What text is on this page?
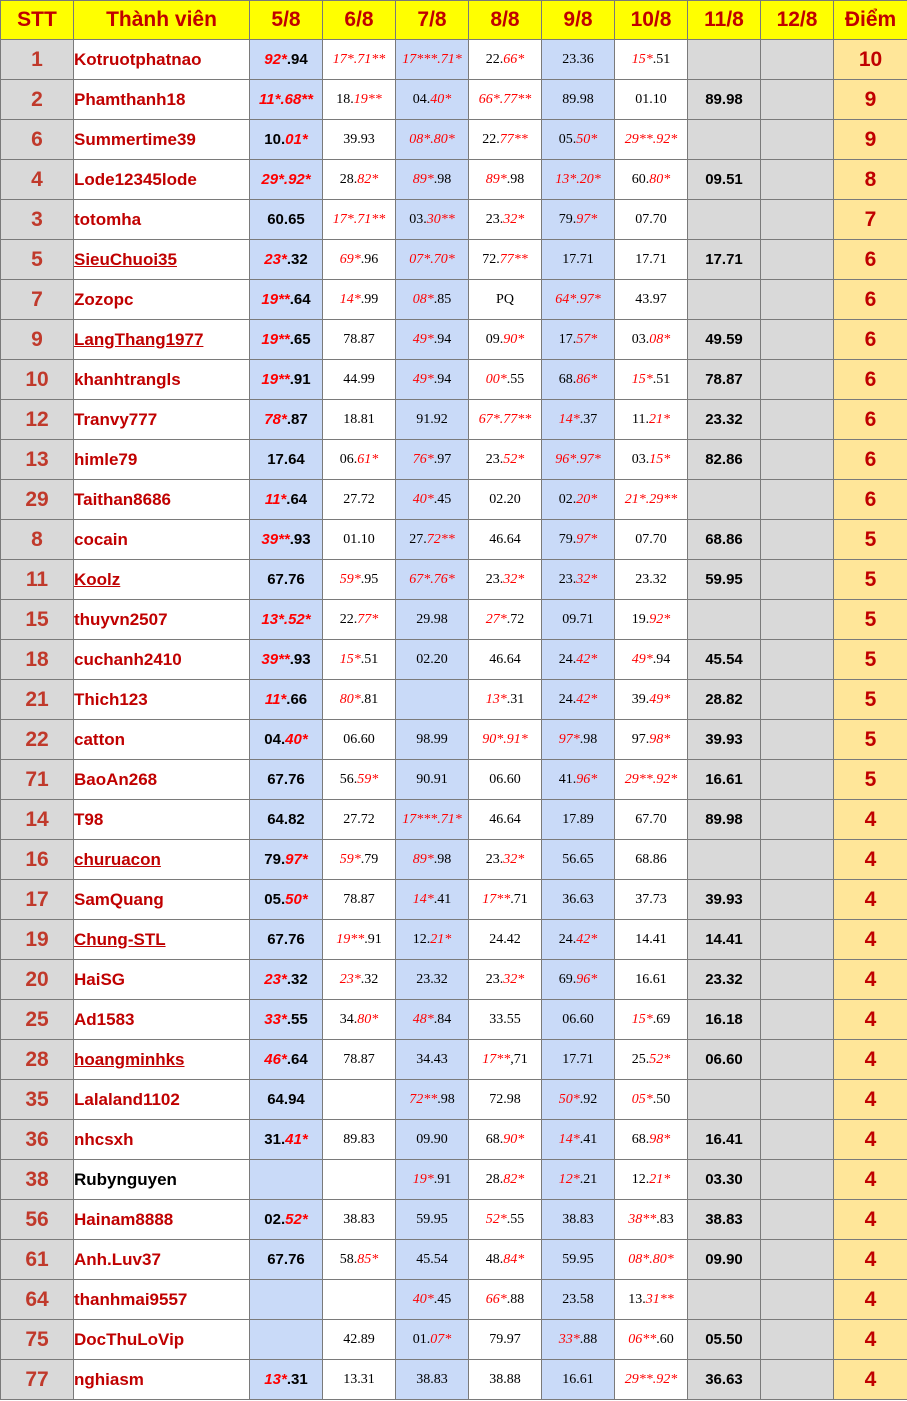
STT	Thành viên	5/8	6/8	7/8	8/8	9/8	10/8	11/8	12/8	Điểm
1	Kotruotphatnao	92*.94	17*.71**	17***.71*	22.66*	23.36	15*.51			10
2	Phamthanh18	11*.68**	18.19**	04.40*	66*.77**	89.98	01.10	89.98		9
6	Summertime39	10.01*	39.93	08*.80*	22.77**	05.50*	29**.92*			9
4	Lode12345lode	29*.92*	28.82*	89*.98	89*.98	13*.20*	60.80*	09.51		8
3	totomha	60.65	17*.71**	03.30**	23.32*	79.97*	07.70			7
5	SieuChuoi35	23*.32	69*.96	07*.70*	72.77**	17.71	17.71	17.71		6
7	Zozopc	19**.64	14*.99	08*.85	PQ	64*.97*	43.97			6
9	LangThang1977	19**.65	78.87	49*.94	09.90*	17.57*	03.08*	49.59		6
10	khanhtrangls	19**.91	44.99	49*.94	00*.55	68.86*	15*.51	78.87		6
12	Tranvy777	78*.87	18.81	91.92	67*.77**	14*.37	11.21*	23.32		6
13	himle79	17.64	06.61*	76*.97	23.52*	96*.97*	03.15*	82.86		6
29	Taithan8686	11*.64	27.72	40*.45	02.20	02.20*	21*.29**			6
8	cocain	39**.93	01.10	27.72**	46.64	79.97*	07.70	68.86		5
11	Koolz	67.76	59*.95	67*.76*	23.32*	23.32*	23.32	59.95		5
15	thuyvn2507	13*.52*	22.77*	29.98	27*.72	09.71	19.92*			5
18	cuchanh2410	39**.93	15*.51	02.20	46.64	24.42*	49*.94	45.54		5
21	Thich123	11*.66	80*.81		13*.31	24.42*	39.49*	28.82		5
22	catton	04.40*	06.60	98.99	90*.91*	97*.98	97.98*	39.93		5
71	BaoAn268	67.76	56.59*	90.91	06.60	41.96*	29**.92*	16.61		5
14	T98	64.82	27.72	17***.71*	46.64	17.89	67.70	89.98		4
16	churuacon	79.97*	59*.79	89*.98	23.32*	56.65	68.86			4
17	SamQuang	05.50*	78.87	14*.41	17**.71	36.63	37.73	39.93		4
19	Chung-STL	67.76	19**.91	12.21*	24.42	24.42*	14.41	14.41		4
20	HaiSG	23*.32	23*.32	23.32	23.32*	69.96*	16.61	23.32		4
25	Ad1583	33*.55	34.80*	48*.84	33.55	06.60	15*.69	16.18		4
28	hoangminhks	46*.64	78.87	34.43	17**,71	17.71	25.52*	06.60		4
35	Lalaland1102	64.94		72**.98	72.98	50*.92	05*.50			4
36	nhcsxh	31.41*	89.83	09.90	68.90*	14*.41	68.98*	16.41		4
38	Rubynguyen			19*.91	28.82*	12*.21	12.21*	03.30		4
56	Hainam8888	02.52*	38.83	59.95	52*.55	38.83	38**.83	38.83		4
61	Anh.Luv37	67.76	58.85*	45.54	48.84*	59.95	08*.80*	09.90		4
64	thanhmai9557			40*.45	66*.88	23.58	13.31**			4
75	DocThuLoVip		42.89	01.07*	79.97	33*.88	06**.60	05.50		4
77	nghiasm	13*.31	13.31	38.83	38.88	16.61	29**.92*	36.63		4
